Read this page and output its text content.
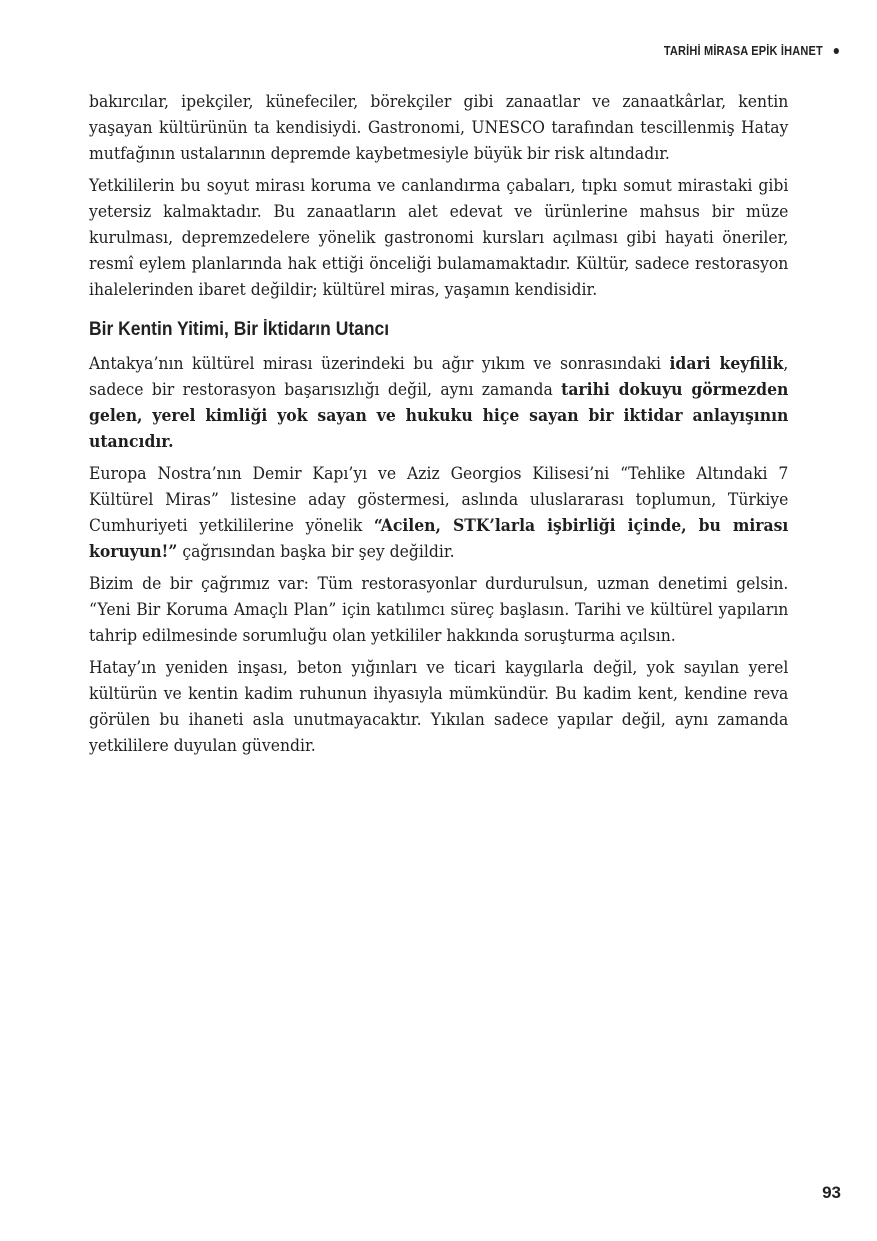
TARİHİ MİRASA EPİK İHANET

bakırcılar, ipekçiler, künefeciler, börekçiler gibi zanaatlar ve zanaatkârlar, kentin yaşayan kültürünün ta kendisiydi. Gastronomi, UNESCO tarafından tescillenmiş Hatay mutfağının ustalarının depremde kaybetmesiyle büyük bir risk altındadır.

Yetkililerin bu soyut mirası koruma ve canlandırma çabaları, tıpkı somut mirastaki gibi yetersiz kalmaktadır. Bu zanaatların alet edevat ve ürünlerine mahsus bir müze kurulması, depremzedelere yönelik gastronomi kursları açılması gibi hayati öneriler, resmî eylem planlarında hak ettiği önceliği bulamamaktadır. Kültür, sadece restorasyon ihalelerinden ibaret değildir; kültürel miras, yaşamın kendisidir.

Bir Kentin Yitimi, Bir İktidarın Utancı

Antakya’nın kültürel mirası üzerindeki bu ağır yıkım ve sonrasındaki idari keyfilik, sadece bir restorasyon başarısızlığı değil, aynı zamanda tarihi dokuyu görmezden gelen, yerel kimliği yok sayan ve hukuku hiçe sayan bir iktidar anlayışının utancıdır.

Europa Nostra’nın Demir Kapı’yı ve Aziz Georgios Kilisesi’ni “Tehlike Altındaki 7 Kültürel Miras” listesine aday göstermesi, aslında uluslararası toplumun, Türkiye Cumhuriyeti yetkililerine yönelik “Acilen, STK’larla işbirliği içinde, bu mirası koruyun!” çağrısından başka bir şey değildir.

Bizim de bir çağrımız var: Tüm restorasyonlar durdurulsun, uzman denetimi gelsin. “Yeni Bir Koruma Amaçlı Plan” için katılımcı süreç başlasın. Tarihi ve kültürel yapıların tahrip edilmesinde sorumluğu olan yetkililer hakkında soruşturma açılsın.

Hatay’ın yeniden inşası, beton yığınları ve ticari kaygılarla değil, yok sayılan yerel kültürün ve kentin kadim ruhunun ihyasıyla mümkündür. Bu kadim kent, kendine reva görülen bu ihaneti asla unutmayacaktır. Yıkılan sadece yapılar değil, aynı zamanda yetkililere duyulan güvendir.

93
